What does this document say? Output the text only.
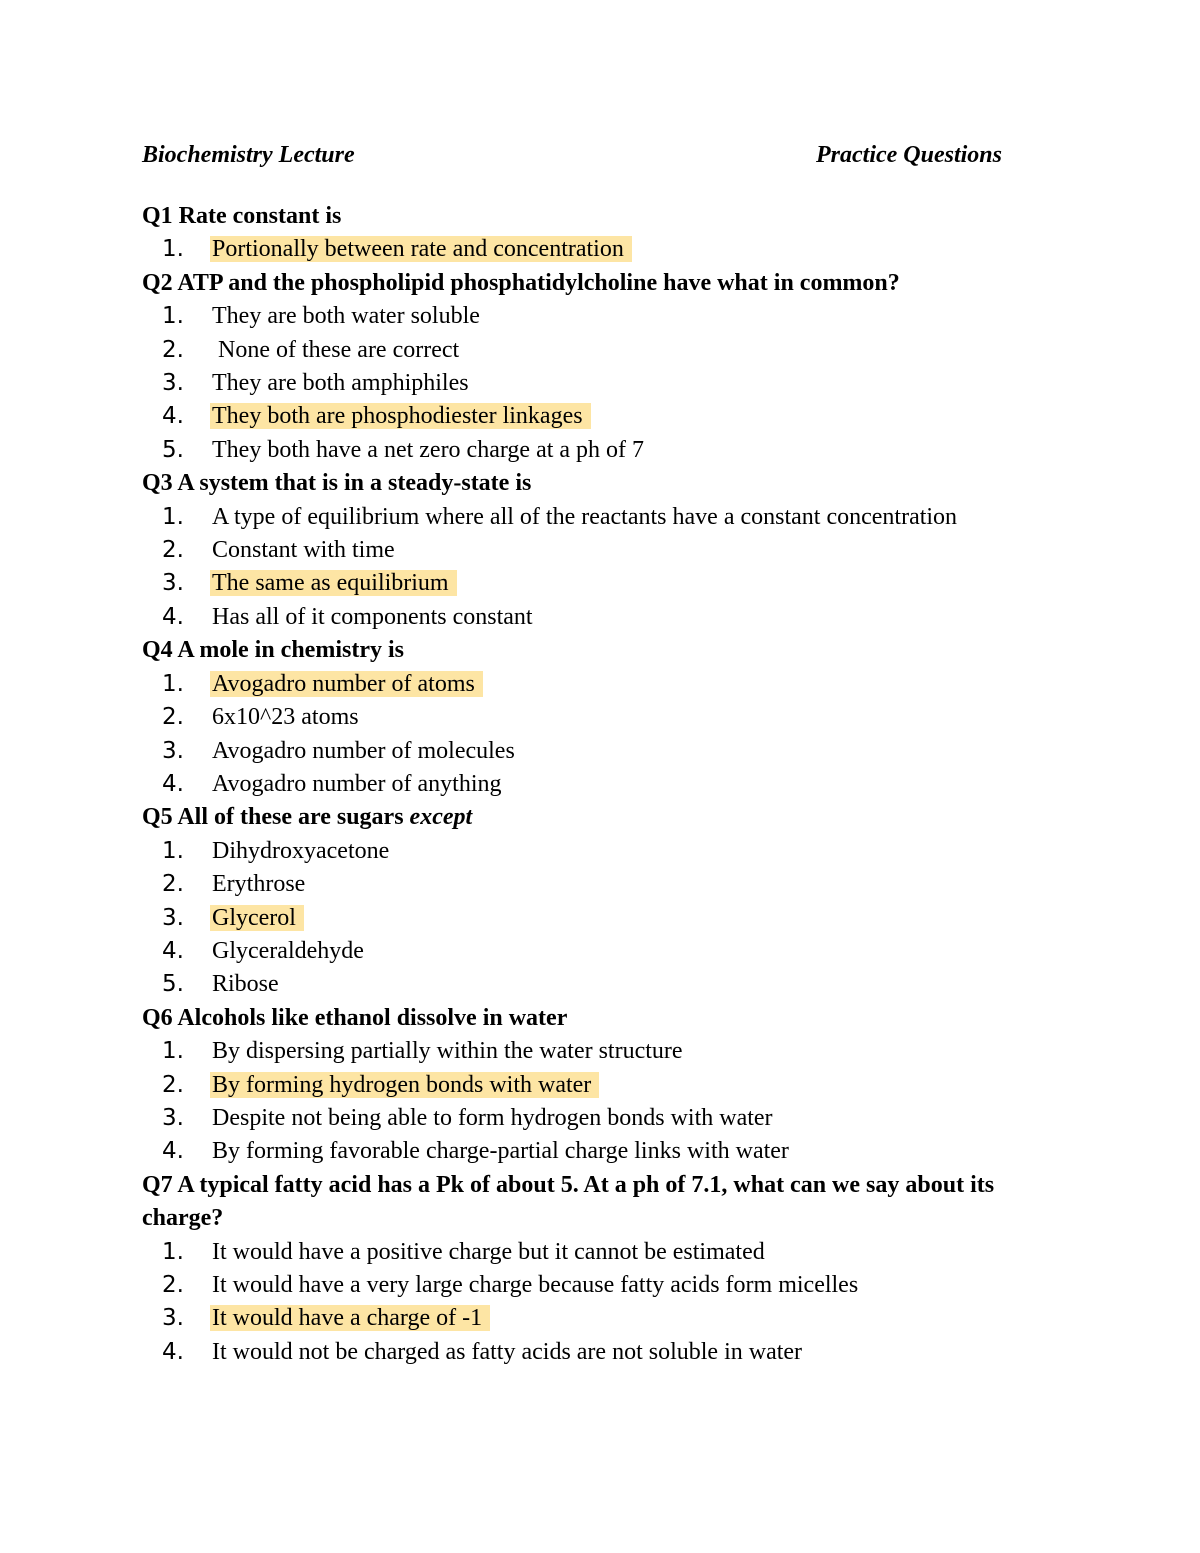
Biochemistry Lecture	Practice Questions

Q1 Rate constant is

1. Portionally between rate and concentration

Q2 ATP and the phospholipid phosphatidylcholine have what in common?

1. They are both water soluble
2. None of these are correct
3. They are both amphiphiles
4. They both are phosphodiester linkages
5. They both have a net zero charge at a ph of 7

Q3 A system that is in a steady-state is

1. A type of equilibrium where all of the reactants have a constant concentration
2. Constant with time
3. The same as equilibrium
4. Has all of it components constant

Q4 A mole in chemistry is

1. Avogadro number of atoms
2. 6x10^23 atoms
3. Avogadro number of molecules
4. Avogadro number of anything

Q5 All of these are sugars except

1. Dihydroxyacetone
2. Erythrose
3. Glycerol
4. Glyceraldehyde
5. Ribose

Q6 Alcohols like ethanol dissolve in water

1. By dispersing partially within the water structure
2. By forming hydrogen bonds with water
3. Despite not being able to form hydrogen bonds with water
4. By forming favorable charge-partial charge links with water

Q7 A typical fatty acid has a Pk of about 5. At a ph of 7.1, what can we say about its charge?

1. It would have a positive charge but it cannot be estimated
2. It would have a very large charge because fatty acids form micelles
3. It would have a charge of -1
4. It would not be charged as fatty acids are not soluble in water
